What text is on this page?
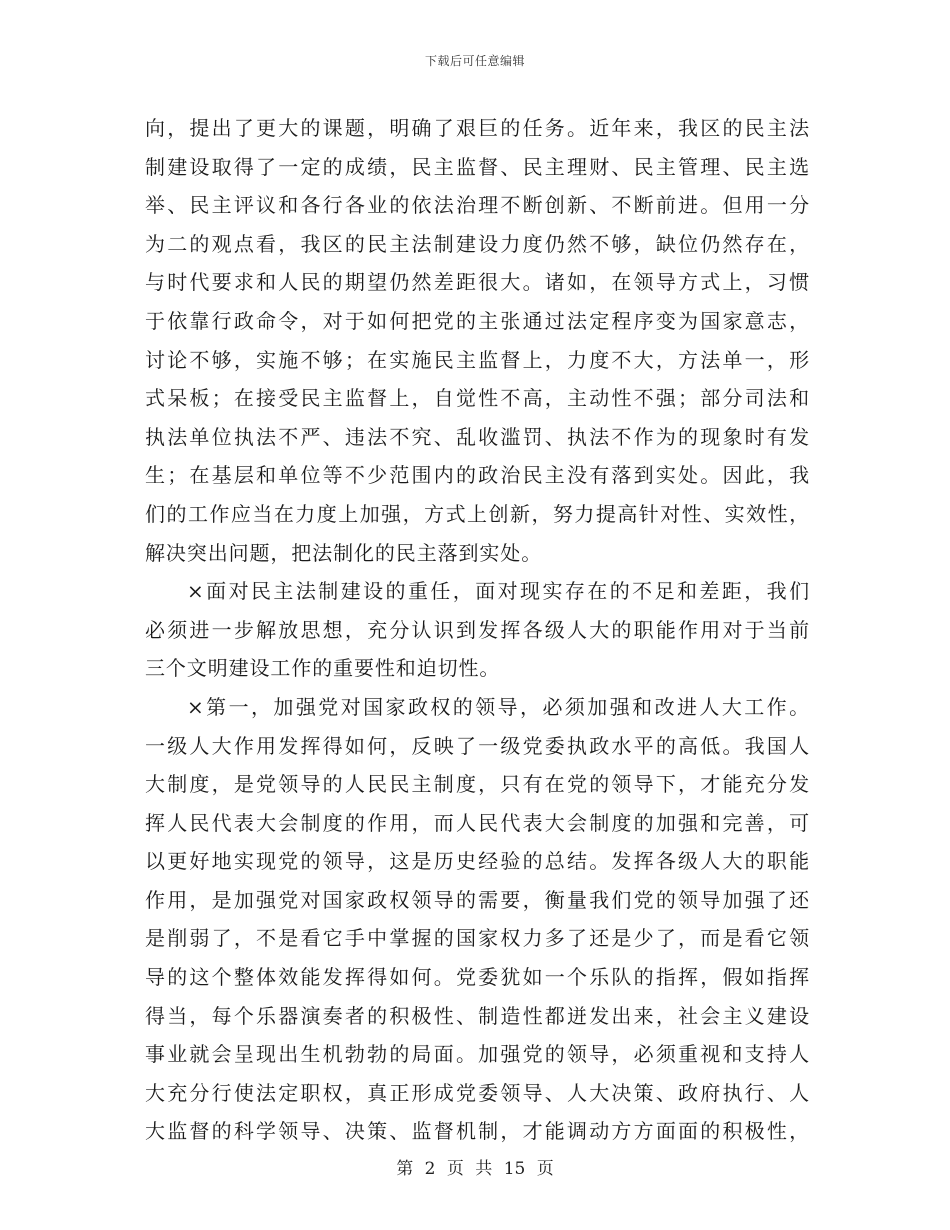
下载后可任意编辑
向，提出了更大的课题，明确了艰巨的任务。近年来，我区的民主法
制建设取得了一定的成绩，民主监督、民主理财、民主管理、民主选
举、民主评议和各行各业的依法治理不断创新、不断前进。但用一分
为二的观点看，我区的民主法制建设力度仍然不够，缺位仍然存在，
与时代要求和人民的期望仍然差距很大。诸如，在领导方式上，习惯
于依靠行政命令，对于如何把党的主张通过法定程序变为国家意志，
讨论不够，实施不够；在实施民主监督上，力度不大，方法单一，形
式呆板；在接受民主监督上，自觉性不高，主动性不强；部分司法和
执法单位执法不严、违法不究、乱收滥罚、执法不作为的现象时有发
生；在基层和单位等不少范围内的政治民主没有落到实处。因此，我
们的工作应当在力度上加强，方式上创新，努力提高针对性、实效性，
解决突出问题，把法制化的民主落到实处。
×面对民主法制建设的重任，面对现实存在的不足和差距，我们
必须进一步解放思想，充分认识到发挥各级人大的职能作用对于当前
三个文明建设工作的重要性和迫切性。
×第一，加强党对国家政权的领导，必须加强和改进人大工作。
一级人大作用发挥得如何，反映了一级党委执政水平的高低。我国人
大制度，是党领导的人民民主制度，只有在党的领导下，才能充分发
挥人民代表大会制度的作用，而人民代表大会制度的加强和完善，可
以更好地实现党的领导，这是历史经验的总结。发挥各级人大的职能
作用，是加强党对国家政权领导的需要，衡量我们党的领导加强了还
是削弱了，不是看它手中掌握的国家权力多了还是少了，而是看它领
导的这个整体效能发挥得如何。党委犹如一个乐队的指挥，假如指挥
得当，每个乐器演奏者的积极性、制造性都迸发出来，社会主义建设
事业就会呈现出生机勃勃的局面。加强党的领导，必须重视和支持人
大充分行使法定职权，真正形成党委领导、人大决策、政府执行、人
大监督的科学领导、决策、监督机制，才能调动方方面面的积极性，
第 2 页 共 15 页
